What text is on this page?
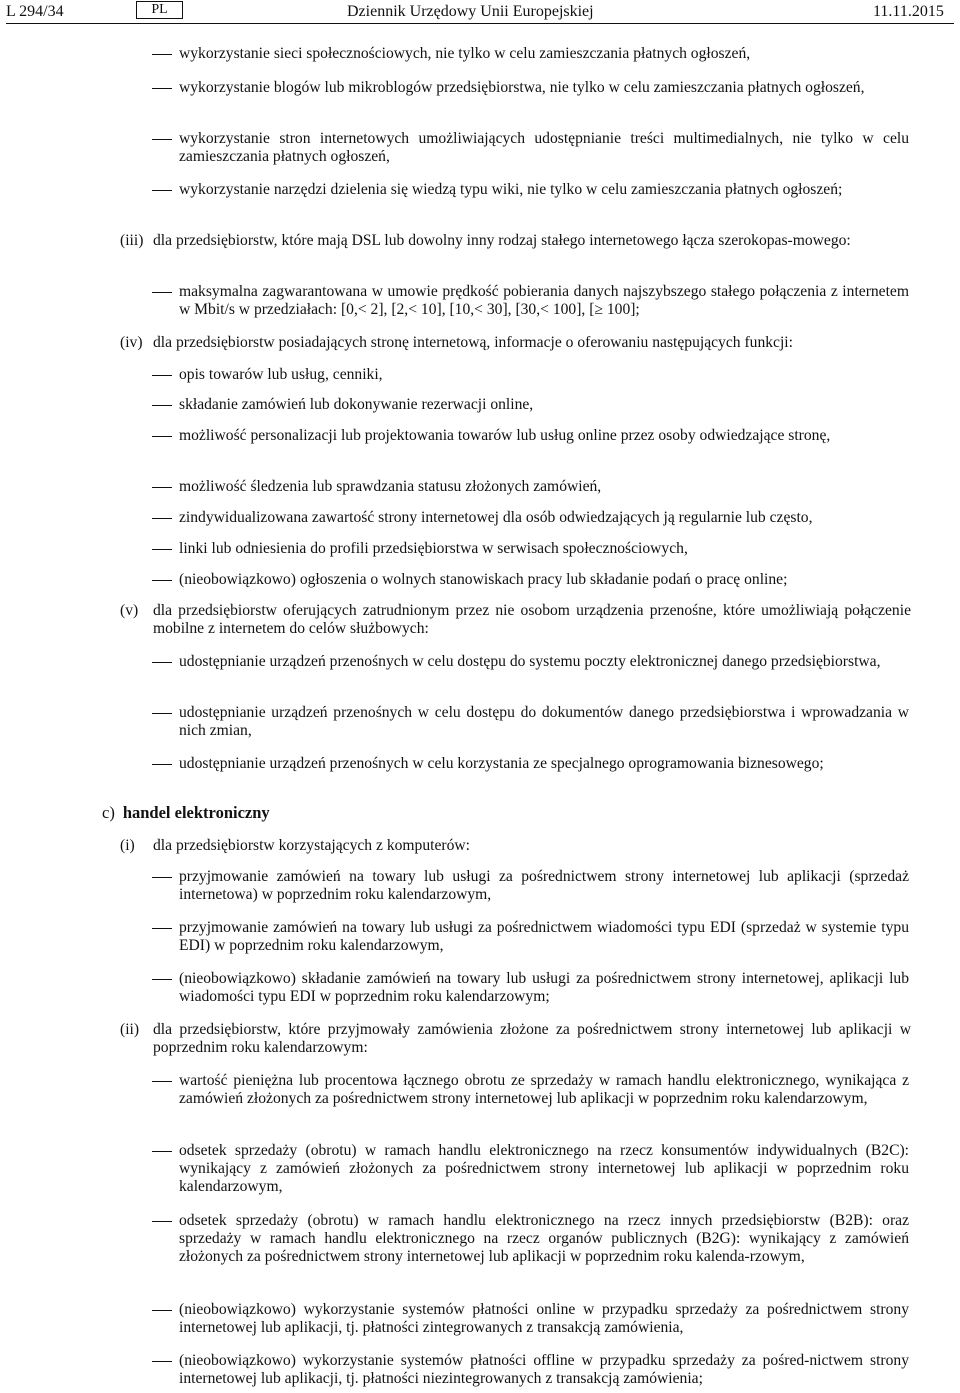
L 294/34	PL	Dziennik Urzędowy Unii Europejskiej	11.11.2015
wykorzystanie sieci społecznościowych, nie tylko w celu zamieszczania płatnych ogłoszeń,
wykorzystanie blogów lub mikroblogów przedsiębiorstwa, nie tylko w celu zamieszczania płatnych ogłoszeń,
wykorzystanie stron internetowych umożliwiających udostępnianie treści multimedialnych, nie tylko w celu zamieszczania płatnych ogłoszeń,
wykorzystanie narzędzi dzielenia się wiedzą typu wiki, nie tylko w celu zamieszczania płatnych ogłoszeń;
(iii) dla przedsiębiorstw, które mają DSL lub dowolny inny rodzaj stałego internetowego łącza szerokopas-mowego:
maksymalna zagwarantowana w umowie prędkość pobierania danych najszybszego stałego połączenia z internetem w Mbit/s w przedziałach: [0,< 2], [2,< 10], [10,< 30], [30,< 100], [≥ 100];
(iv) dla przedsiębiorstw posiadających stronę internetową, informacje o oferowaniu następujących funkcji:
opis towarów lub usług, cenniki,
składanie zamówień lub dokonywanie rezerwacji online,
możliwość personalizacji lub projektowania towarów lub usług online przez osoby odwiedzające stronę,
możliwość śledzenia lub sprawdzania statusu złożonych zamówień,
zindywidualizowana zawartość strony internetowej dla osób odwiedzających ją regularnie lub często,
linki lub odniesienia do profili przedsiębiorstwa w serwisach społecznościowych,
(nieobowiązkowo) ogłoszenia o wolnych stanowiskach pracy lub składanie podań o pracę online;
(v) dla przedsiębiorstw oferujących zatrudnionym przez nie osobom urządzenia przenośne, które umożliwiają połączenie mobilne z internetem do celów służbowych:
udostępnianie urządzeń przenośnych w celu dostępu do systemu poczty elektronicznej danego przedsiębiorstwa,
udostępnianie urządzeń przenośnych w celu dostępu do dokumentów danego przedsiębiorstwa i wprowadzania w nich zmian,
udostępnianie urządzeń przenośnych w celu korzystania ze specjalnego oprogramowania biznesowego;
c) handel elektroniczny
(i) dla przedsiębiorstw korzystających z komputerów:
przyjmowanie zamówień na towary lub usługi za pośrednictwem strony internetowej lub aplikacji (sprzedaż internetowa) w poprzednim roku kalendarzowym,
przyjmowanie zamówień na towary lub usługi za pośrednictwem wiadomości typu EDI (sprzedaż w systemie typu EDI) w poprzednim roku kalendarzowym,
(nieobowiązkowo) składanie zamówień na towary lub usługi za pośrednictwem strony internetowej, aplikacji lub wiadomości typu EDI w poprzednim roku kalendarzowym;
(ii) dla przedsiębiorstw, które przyjmowały zamówienia złożone za pośrednictwem strony internetowej lub aplikacji w poprzednim roku kalendarzowym:
wartość pieniężna lub procentowa łącznego obrotu ze sprzedaży w ramach handlu elektronicznego, wynikająca z zamówień złożonych za pośrednictwem strony internetowej lub aplikacji w poprzednim roku kalendarzowym,
odsetek sprzedaży (obrotu) w ramach handlu elektronicznego na rzecz konsumentów indywidualnych (B2C): wynikający z zamówień złożonych za pośrednictwem strony internetowej lub aplikacji w poprzednim roku kalendarzowym,
odsetek sprzedaży (obrotu) w ramach handlu elektronicznego na rzecz innych przedsiębiorstw (B2B): oraz sprzedaży w ramach handlu elektronicznego na rzecz organów publicznych (B2G): wynikający z zamówień złożonych za pośrednictwem strony internetowej lub aplikacji w poprzednim roku kalenda-rzowym,
(nieobowiązkowo) wykorzystanie systemów płatności online w przypadku sprzedaży za pośrednictwem strony internetowej lub aplikacji, tj. płatności zintegrowanych z transakcją zamówienia,
(nieobowiązkowo) wykorzystanie systemów płatności offline w przypadku sprzedaży za pośred-nictwem strony internetowej lub aplikacji, tj. płatności niezintegrowanych z transakcją zamówienia;
